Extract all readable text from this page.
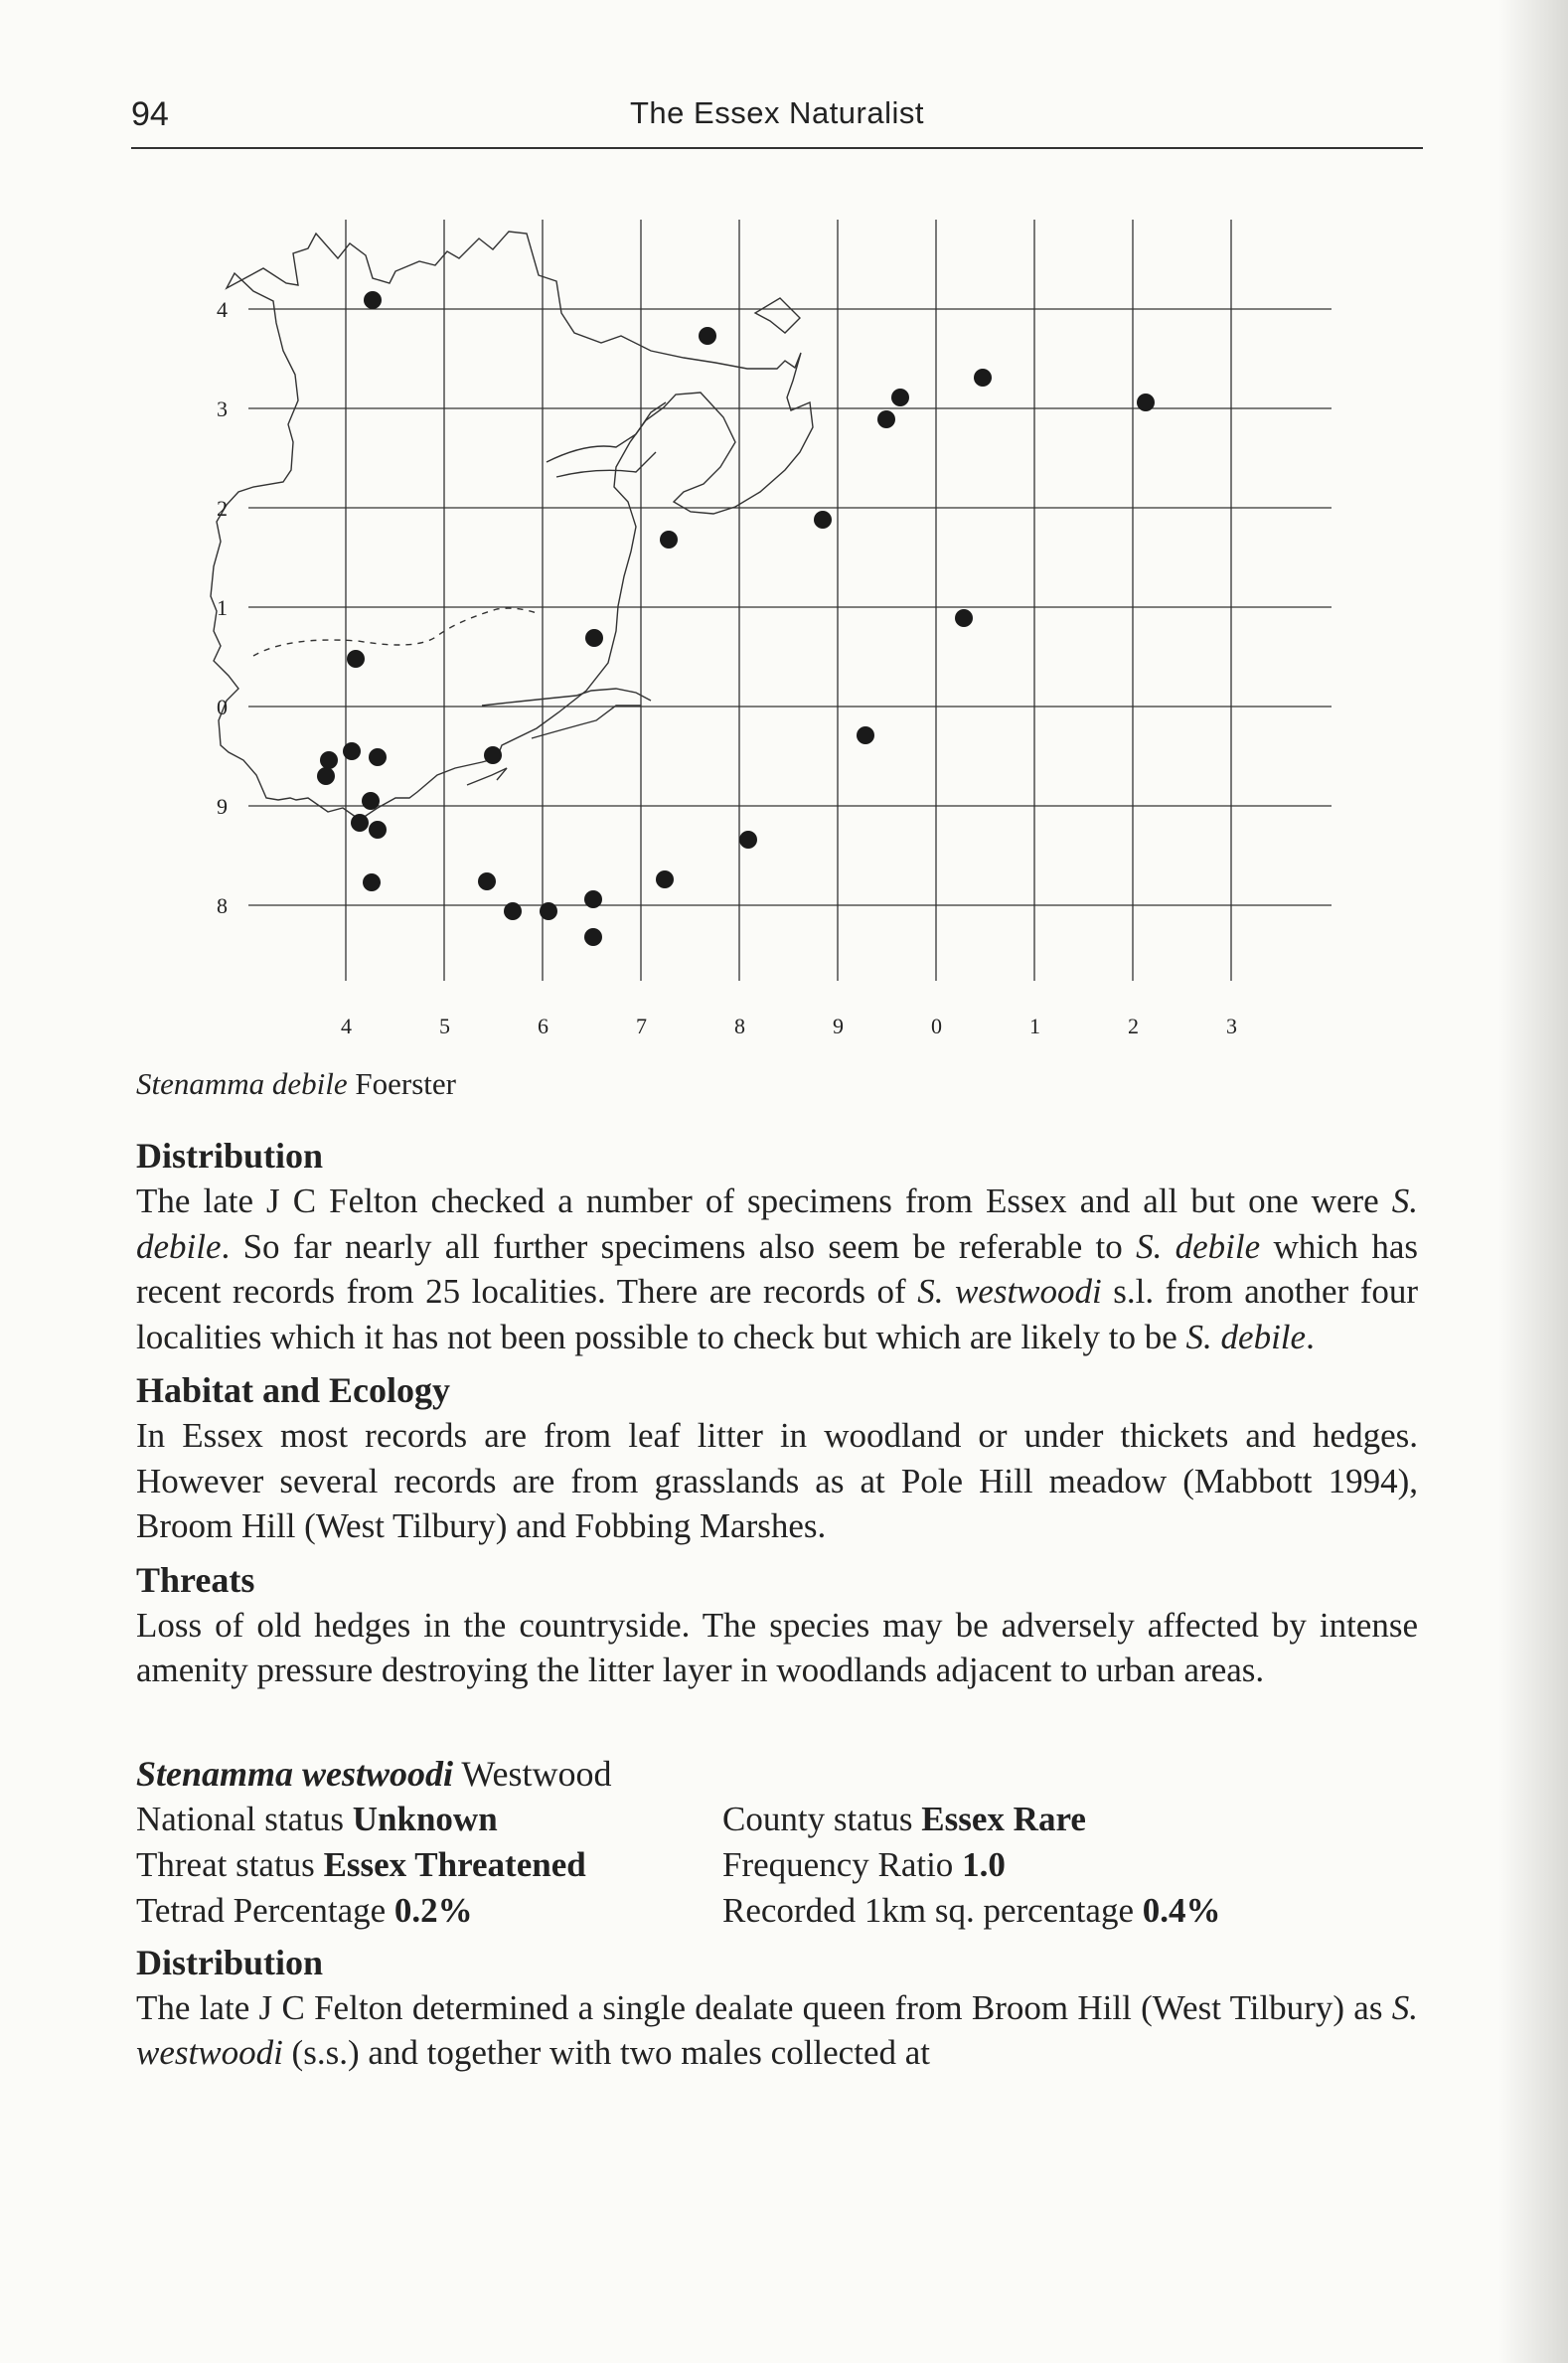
94	The Essex Naturalist
4	5	6	7	8	9	0	1	2	3
4
3
2
1
0
9
8
Stenamma debile Foerster
Distribution

The late J C Felton checked a number of specimens from Essex and all but one were S. debile. So far nearly all further specimens also seem be referable to S. debile which has recent records from 25 localities. There are records of S. westwoodi s.l. from another four localities which it has not been possible to check but which are likely to be S. debile.

Habitat and Ecology

In Essex most records are from leaf litter in woodland or under thickets and hedges. However several records are from grasslands as at Pole Hill meadow (Mabbott 1994), Broom Hill (West Tilbury) and Fobbing Marshes.

Threats

Loss of old hedges in the countryside. The species may be adversely affected by intense amenity pressure destroying the litter layer in woodlands adjacent to urban areas.

Stenamma westwoodi Westwood
National status Unknown	County status Essex Rare
Threat status Essex Threatened	Frequency Ratio 1.0
Tetrad Percentage 0.2%	Recorded 1km sq. percentage 0.4%
Distribution

The late J C Felton determined a single dealate queen from Broom Hill (West Tilbury) as S. westwoodi (s.s.) and together with two males collected at
